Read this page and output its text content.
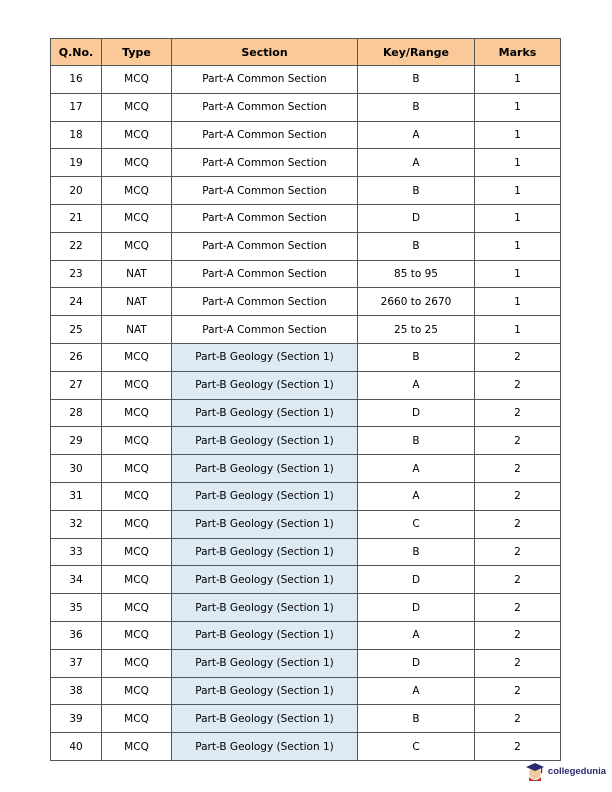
Q.No.	Type	Section	Key/Range	Marks
16	MCQ	Part-A Common Section	B	1
17	MCQ	Part-A Common Section	B	1
18	MCQ	Part-A Common Section	A	1
19	MCQ	Part-A Common Section	A	1
20	MCQ	Part-A Common Section	B	1
21	MCQ	Part-A Common Section	D	1
22	MCQ	Part-A Common Section	B	1
23	NAT	Part-A Common Section	85 to 95	1
24	NAT	Part-A Common Section	2660 to 2670	1
25	NAT	Part-A Common Section	25 to 25	1
26	MCQ	Part-B Geology (Section 1)	B	2
27	MCQ	Part-B Geology (Section 1)	A	2
28	MCQ	Part-B Geology (Section 1)	D	2
29	MCQ	Part-B Geology (Section 1)	B	2
30	MCQ	Part-B Geology (Section 1)	A	2
31	MCQ	Part-B Geology (Section 1)	A	2
32	MCQ	Part-B Geology (Section 1)	C	2
33	MCQ	Part-B Geology (Section 1)	B	2
34	MCQ	Part-B Geology (Section 1)	D	2
35	MCQ	Part-B Geology (Section 1)	D	2
36	MCQ	Part-B Geology (Section 1)	A	2
37	MCQ	Part-B Geology (Section 1)	D	2
38	MCQ	Part-B Geology (Section 1)	A	2
39	MCQ	Part-B Geology (Section 1)	B	2
40	MCQ	Part-B Geology (Section 1)	C	2
collegedunia
